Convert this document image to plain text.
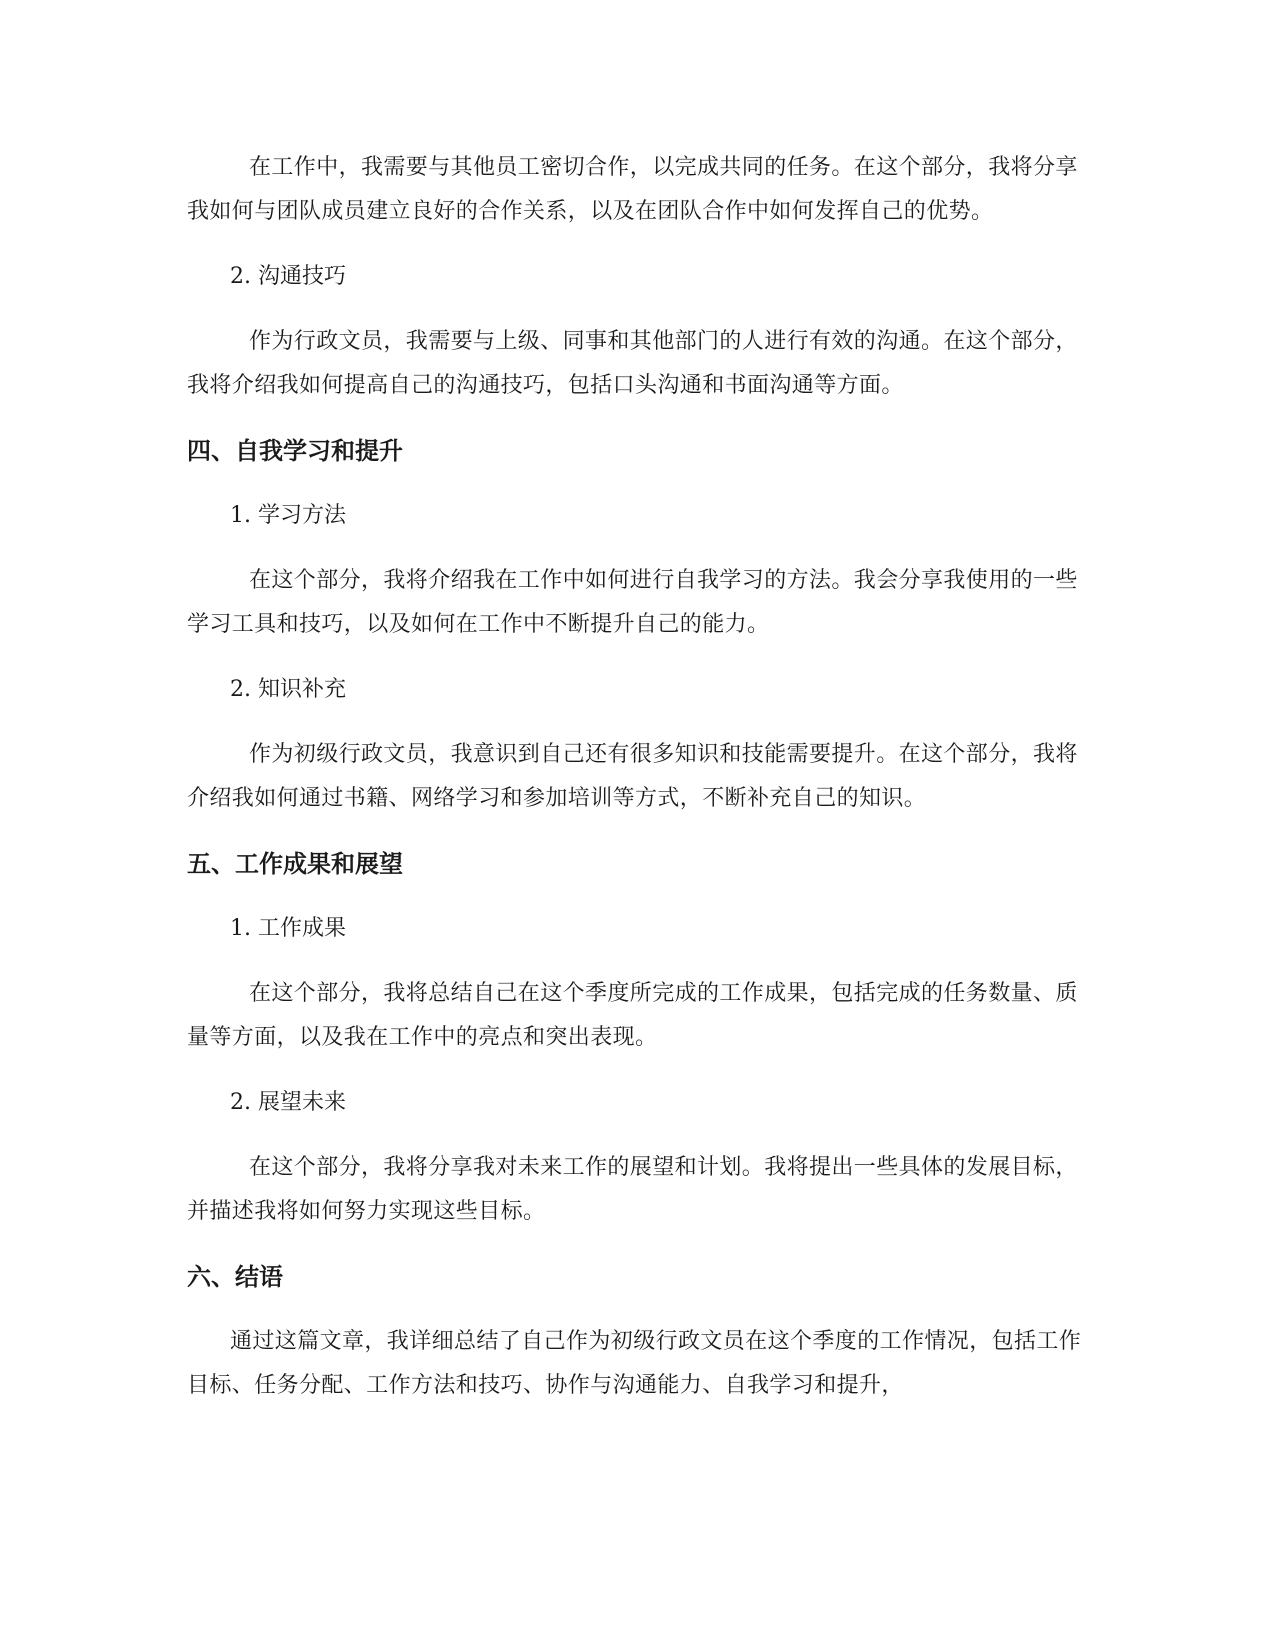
在工作中，我需要与其他员工密切合作，以完成共同的任务。在这个部分，我将分享我如何与团队成员建立良好的合作关系，以及在团队合作中如何发挥自己的优势。

2. 沟通技巧

作为行政文员，我需要与上级、同事和其他部门的人进行有效的沟通。在这个部分，我将介绍我如何提高自己的沟通技巧，包括口头沟通和书面沟通等方面。

四、自我学习和提升

1. 学习方法

在这个部分，我将介绍我在工作中如何进行自我学习的方法。我会分享我使用的一些学习工具和技巧，以及如何在工作中不断提升自己的能力。

2. 知识补充

作为初级行政文员，我意识到自己还有很多知识和技能需要提升。在这个部分，我将介绍我如何通过书籍、网络学习和参加培训等方式，不断补充自己的知识。

五、工作成果和展望

1. 工作成果

在这个部分，我将总结自己在这个季度所完成的工作成果，包括完成的任务数量、质量等方面，以及我在工作中的亮点和突出表现。

2. 展望未来

在这个部分，我将分享我对未来工作的展望和计划。我将提出一些具体的发展目标，并描述我将如何努力实现这些目标。

六、结语

通过这篇文章，我详细总结了自己作为初级行政文员在这个季度的工作情况，包括工作目标、任务分配、工作方法和技巧、协作与沟通能力、自我学习和提升，
